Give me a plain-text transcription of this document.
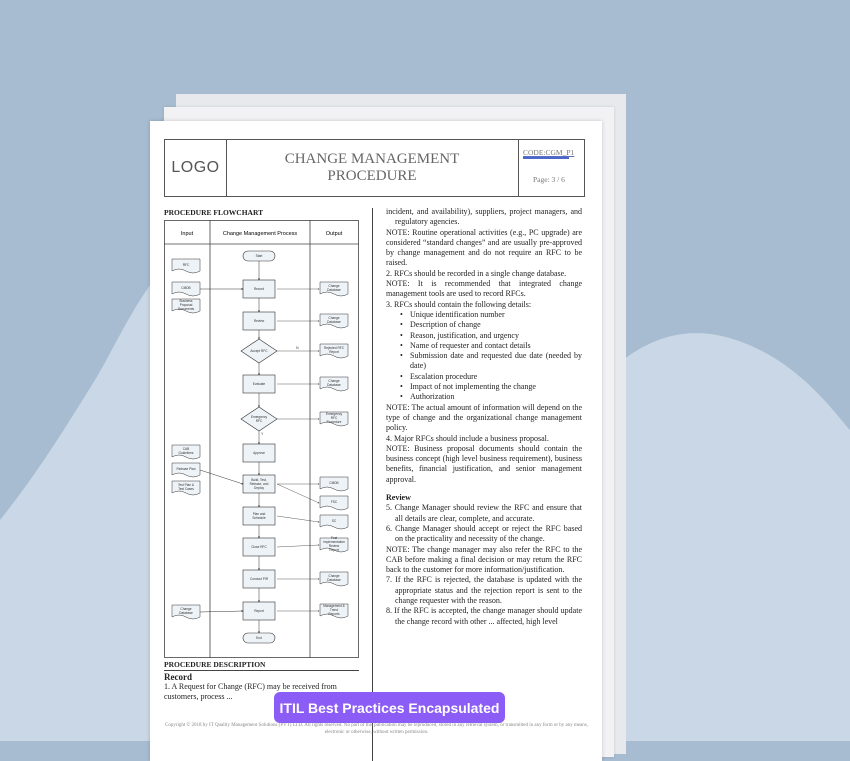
LOGO	CHANGE MANAGEMENT
PROCEDURE
CODE:CGM_P1
Page: 3 / 6
PROCEDURE FLOWCHART
Input	Change Management Process	Output
Start
Record
Review
Accept RFC
Evaluate
Emergency RFC
Approve
Build, Test, Release, and Deploy
Plan and Schedule
Close RFC
Conduct PIR
Report
End
RFC
CMDB
Business Proposal Documents
CAB Guidelines
Release Plan
Test Plan & Test Cases
Change Database
Change Database
Change Database
Rejected RFC Report
Change Database
Emergency RFC Procedure
CMDB
FSC
SC
Post Implementation Review Report
Change Database
Management & Trend Reports
N
Y
PROCEDURE DESCRIPTION
Record
1. A Request for Change (RFC) may be received from customers, process ...

incident, and availability), suppliers, project managers, and regulatory agencies.

NOTE: Routine operational activities (e.g., PC upgrade) are considered “standard changes” and are usually pre-approved by change management and do not require an RFC to be raised.

2. RFCs should be recorded in a single change database.

NOTE: It is recommended that integrated change management tools are used to record RFCs.

3. RFCs should contain the following details:

• Unique identification number

• Description of change

• Reason, justification, and urgency

• Name of requester and contact details

• Submission date and requested due date (needed by date)

• Escalation procedure

• Impact of not implementing the change

• Authorization

NOTE: The actual amount of information will depend on the type of change and the organizational change management policy.

4. Major RFCs should include a business proposal.

NOTE: Business proposal documents should contain the business concept (high level business requirement), business benefits, financial justification, and senior management approval.

Review

5. Change Manager should review the RFC and ensure that all details are clear, complete, and accurate.

6. Change Manager should accept or reject the RFC based on the practicality and necessity of the change.

NOTE: The change manager may also refer the RFC to the CAB before making a final decision or may return the RFC back to the customer for more information/justification.

7. If the RFC is rejected, the database is updated with the appropriate status and the rejection report is sent to the change requester with the reason.

8. If the RFC is accepted, the change manager should update the change record with other ... affected, high level

Copyright © 2018 by IT Quality Management Solutions (PVT) LTD. All rights reserved. No part of this publication may be reproduced, stored in any retrieval system, or transmitted in any form or by any means, electronic or otherwise, without written permission.
ITIL Best Practices Encapsulated
